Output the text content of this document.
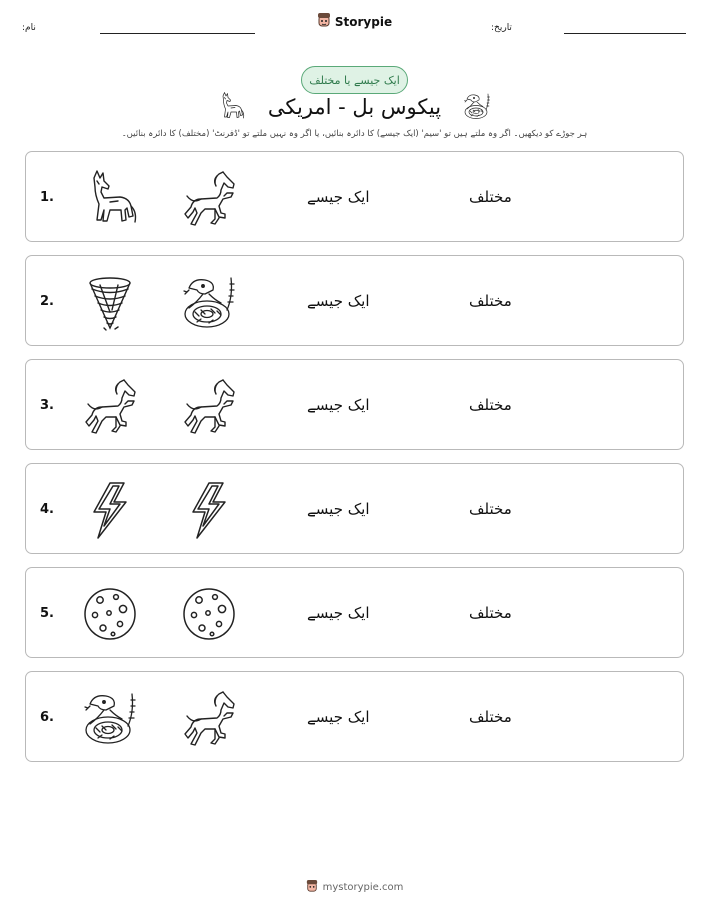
نام:	Storypie	تاریخ:
ایک جیسے یا مختلف
پیکوس بل - امریکی
ہر جوڑے کو دیکھیں۔ اگر وہ ملتے ہیں تو 'سیم' (ایک جیسے) کا دائرہ بنائیں، یا اگر وہ نہیں ملتے تو 'ڈفرنٹ' (مختلف) کا دائرہ بنائیں۔
1.	ایک جیسے	مختلف
2.	ایک جیسے	مختلف
3.	ایک جیسے	مختلف
4.	ایک جیسے	مختلف
5.	ایک جیسے	مختلف
6.	ایک جیسے	مختلف
mystorypie.com
